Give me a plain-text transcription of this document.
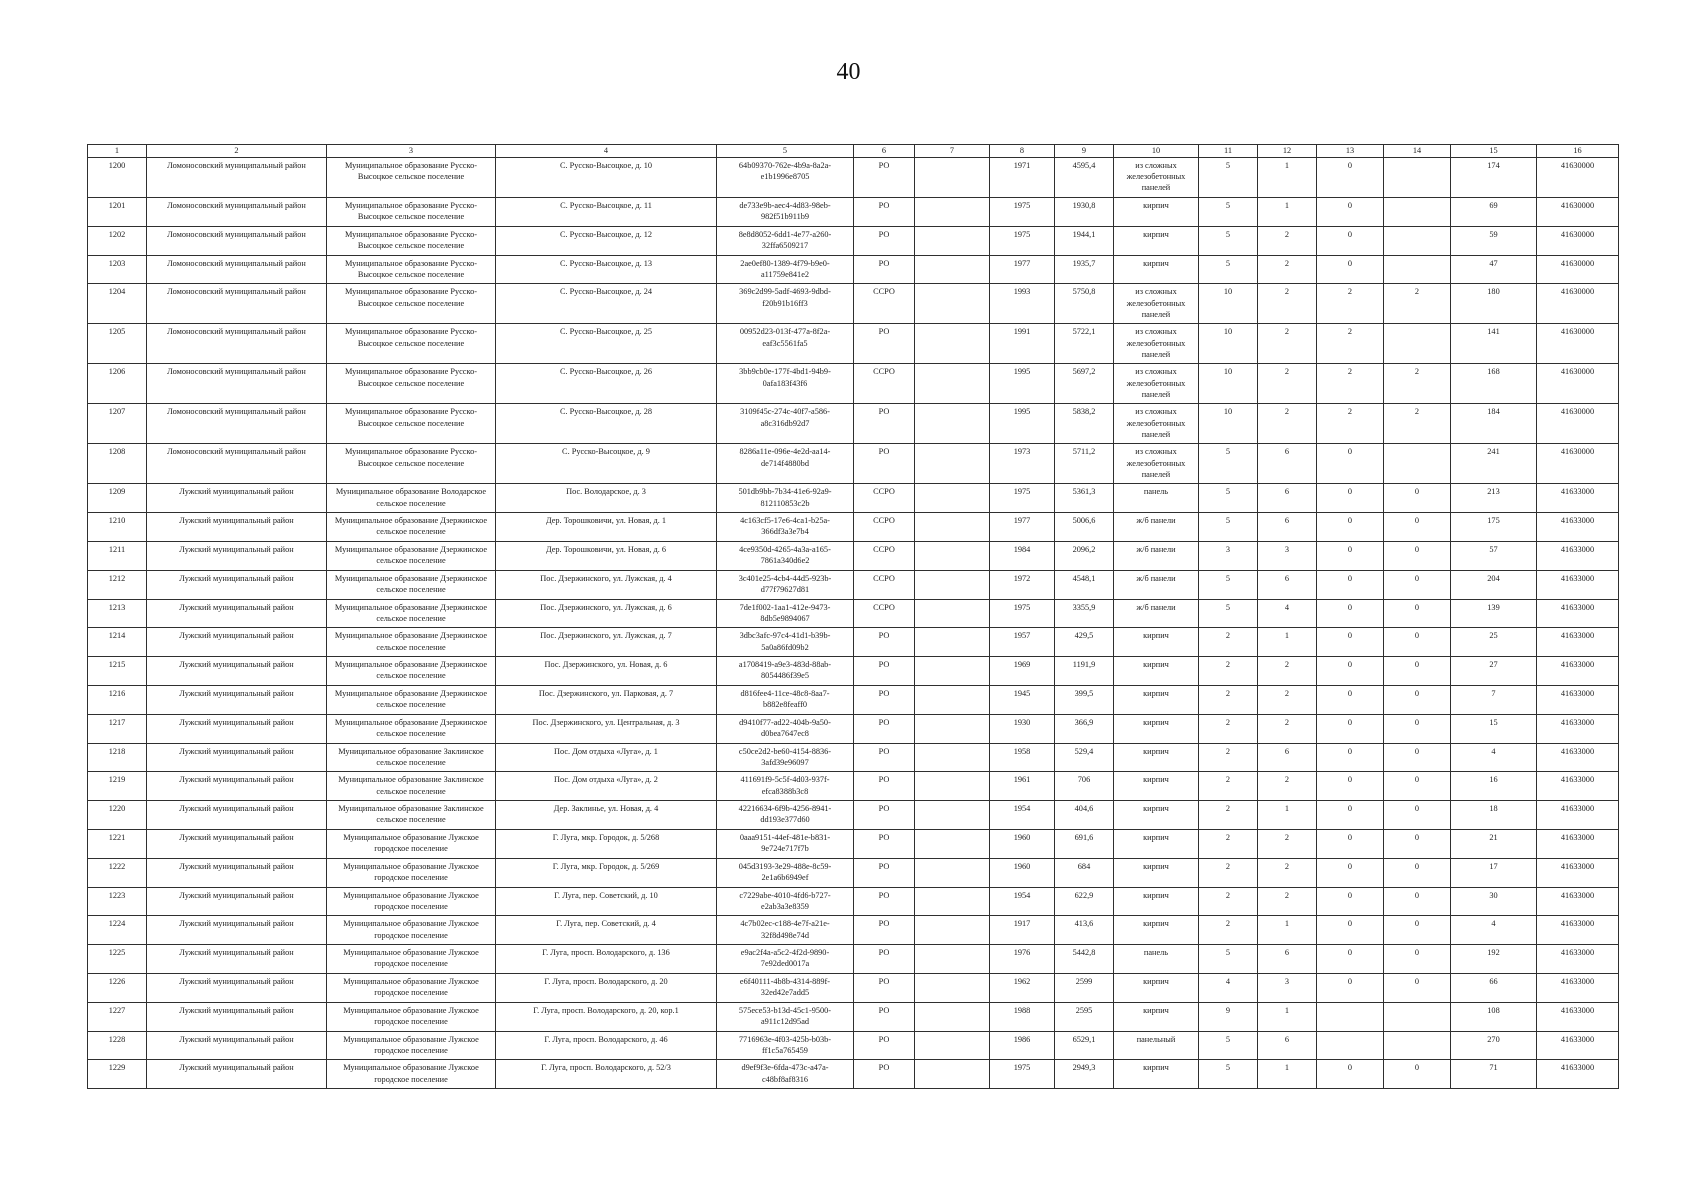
40
1	2	3	4	5	6	7	8	9	10	11	12	13	14	15	16
1200	Ломоносовский муниципальный район	Муниципальное образование Русско-Высоцкое сельское поселение	С. Русско-Высоцкое, д. 10	64b09370-762e-4b9a-8a2a-e1b1996e8705	РО		1971	4595,4	из сложных железобетонных панелей	5	1	0		174	41630000
1201	Ломоносовский муниципальный район	Муниципальное образование Русско-Высоцкое сельское поселение	С. Русско-Высоцкое, д. 11	de733e9b-aec4-4d83-98eb-982f51b911b9	РО		1975	1930,8	кирпич	5	1	0		69	41630000
1202	Ломоносовский муниципальный район	Муниципальное образование Русско-Высоцкое сельское поселение	С. Русско-Высоцкое, д. 12	8e8d8052-6dd1-4e77-a260-32ffa6509217	РО		1975	1944,1	кирпич	5	2	0		59	41630000
1203	Ломоносовский муниципальный район	Муниципальное образование Русско-Высоцкое сельское поселение	С. Русско-Высоцкое, д. 13	2ae0ef80-1389-4f79-b9e0-a11759e841e2	РО		1977	1935,7	кирпич	5	2	0		47	41630000
1204	Ломоносовский муниципальный район	Муниципальное образование Русско-Высоцкое сельское поселение	С. Русско-Высоцкое, д. 24	369c2d99-5adf-4693-9dbd-f20b91b16ff3	ССРО		1993	5750,8	из сложных железобетонных панелей	10	2	2	2	180	41630000
1205	Ломоносовский муниципальный район	Муниципальное образование Русско-Высоцкое сельское поселение	С. Русско-Высоцкое, д. 25	00952d23-013f-477a-8f2a-eaf3c5561fa5	РО		1991	5722,1	из сложных железобетонных панелей	10	2	2		141	41630000
1206	Ломоносовский муниципальный район	Муниципальное образование Русско-Высоцкое сельское поселение	С. Русско-Высоцкое, д. 26	3bb9cb0e-177f-4bd1-94b9-0afa183f43f6	ССРО		1995	5697,2	из сложных железобетонных панелей	10	2	2	2	168	41630000
1207	Ломоносовский муниципальный район	Муниципальное образование Русско-Высоцкое сельское поселение	С. Русско-Высоцкое, д. 28	3109f45c-274c-40f7-a586-a8c316db92d7	РО		1995	5838,2	из сложных железобетонных панелей	10	2	2	2	184	41630000
1208	Ломоносовский муниципальный район	Муниципальное образование Русско-Высоцкое сельское поселение	С. Русско-Высоцкое, д. 9	8286a11e-096e-4e2d-aa14-de714f4880bd	РО		1973	5711,2	из сложных железобетонных панелей	5	6	0		241	41630000
1209	Лужский муниципальный район	Муниципальное образование Володарское сельское поселение	Пос. Володарское, д. 3	501db9bb-7b34-41e6-92a9-812110853c2b	ССРО		1975	5361,3	панель	5	6	0	0	213	41633000
1210	Лужский муниципальный район	Муниципальное образование Дзержинское сельское поселение	Дер. Торошковичи, ул. Новая, д. 1	4c163cf5-17e6-4ca1-b25a-366df3a3e7b4	ССРО		1977	5006,6	ж/б панели	5	6	0	0	175	41633000
1211	Лужский муниципальный район	Муниципальное образование Дзержинское сельское поселение	Дер. Торошковичи, ул. Новая, д. 6	4ce9350d-4265-4a3a-a165-7861a340d6e2	ССРО		1984	2096,2	ж/б панели	3	3	0	0	57	41633000
1212	Лужский муниципальный район	Муниципальное образование Дзержинское сельское поселение	Пос. Дзержинского, ул. Лужская, д. 4	3c401e25-4cb4-44d5-923b-d77f79627d81	ССРО		1972	4548,1	ж/б панели	5	6	0	0	204	41633000
1213	Лужский муниципальный район	Муниципальное образование Дзержинское сельское поселение	Пос. Дзержинского, ул. Лужская, д. 6	7de1f002-1aa1-412e-9473-8db5e9894067	ССРО		1975	3355,9	ж/б панели	5	4	0	0	139	41633000
1214	Лужский муниципальный район	Муниципальное образование Дзержинское сельское поселение	Пос. Дзержинского, ул. Лужская, д. 7	3dbc3afc-97c4-41d1-b39b-5a0a86fd09b2	РО		1957	429,5	кирпич	2	1	0	0	25	41633000
1215	Лужский муниципальный район	Муниципальное образование Дзержинское сельское поселение	Пос. Дзержинского, ул. Новая, д. 6	a1708419-a9e3-483d-88ab-8054486f39e5	РО		1969	1191,9	кирпич	2	2	0	0	27	41633000
1216	Лужский муниципальный район	Муниципальное образование Дзержинское сельское поселение	Пос. Дзержинского, ул. Парковая, д. 7	d816fee4-11ce-48c8-8aa7-b882e8feaff0	РО		1945	399,5	кирпич	2	2	0	0	7	41633000
1217	Лужский муниципальный район	Муниципальное образование Дзержинское сельское поселение	Пос. Дзержинского, ул. Центральная, д. 3	d9410f77-ad22-404b-9a50-d0bea7647ec8	РО		1930	366,9	кирпич	2	2	0	0	15	41633000
1218	Лужский муниципальный район	Муниципальное образование Заклинское сельское поселение	Пос. Дом отдыха «Луга», д. 1	c50ce2d2-be60-4154-8836-3afd39e96097	РО		1958	529,4	кирпич	2	6	0	0	4	41633000
1219	Лужский муниципальный район	Муниципальное образование Заклинское сельское поселение	Пос. Дом отдыха «Луга», д. 2	411691f9-5c5f-4d03-937f-efca8388b3c8	РО		1961	706	кирпич	2	2	0	0	16	41633000
1220	Лужский муниципальный район	Муниципальное образование Заклинское сельское поселение	Дер. Заклинье, ул. Новая, д. 4	42216634-6f9b-4256-8941-dd193e377d60	РО		1954	404,6	кирпич	2	1	0	0	18	41633000
1221	Лужский муниципальный район	Муниципальное образование Лужское городское поселение	Г. Луга, мкр. Городок, д. 5/268	0aaa9151-44ef-481e-b831-9e724e717f7b	РО		1960	691,6	кирпич	2	2	0	0	21	41633000
1222	Лужский муниципальный район	Муниципальное образование Лужское городское поселение	Г. Луга, мкр. Городок, д. 5/269	045d3193-3e29-488e-8c59-2e1a6b6949ef	РО		1960	684	кирпич	2	2	0	0	17	41633000
1223	Лужский муниципальный район	Муниципальное образование Лужское городское поселение	Г. Луга, пер. Советский, д. 10	c7229abe-4010-4fd6-b727-e2ab3a3e8359	РО		1954	622,9	кирпич	2	2	0	0	30	41633000
1224	Лужский муниципальный район	Муниципальное образование Лужское городское поселение	Г. Луга, пер. Советский, д. 4	4c7b02ec-c188-4e7f-a21e-32f8d498e74d	РО		1917	413,6	кирпич	2	1	0	0	4	41633000
1225	Лужский муниципальный район	Муниципальное образование Лужское городское поселение	Г. Луга, просп. Володарского, д. 136	e9ac2f4a-a5c2-4f2d-9890-7e92ded0017a	РО		1976	5442,8	панель	5	6	0	0	192	41633000
1226	Лужский муниципальный район	Муниципальное образование Лужское городское поселение	Г. Луга, просп. Володарского, д. 20	e6f40111-4b8b-4314-889f-32ed42e7add5	РО		1962	2599	кирпич	4	3	0	0	66	41633000
1227	Лужский муниципальный район	Муниципальное образование Лужское городское поселение	Г. Луга, просп. Володарского, д. 20, кор.1	575ece53-b13d-45c1-9500-a911c12d95ad	РО		1988	2595	кирпич	9	1			108	41633000
1228	Лужский муниципальный район	Муниципальное образование Лужское городское поселение	Г. Луга, просп. Володарского, д. 46	7716963e-4f03-425b-b03b-ff1c5a765459	РО		1986	6529,1	панельный	5	6			270	41633000
1229	Лужский муниципальный район	Муниципальное образование Лужское городское поселение	Г. Луга, просп. Володарского, д. 52/3	d9ef9f3e-6fda-473c-a47a-c48bf8af8316	РО		1975	2949,3	кирпич	5	1	0	0	71	41633000
